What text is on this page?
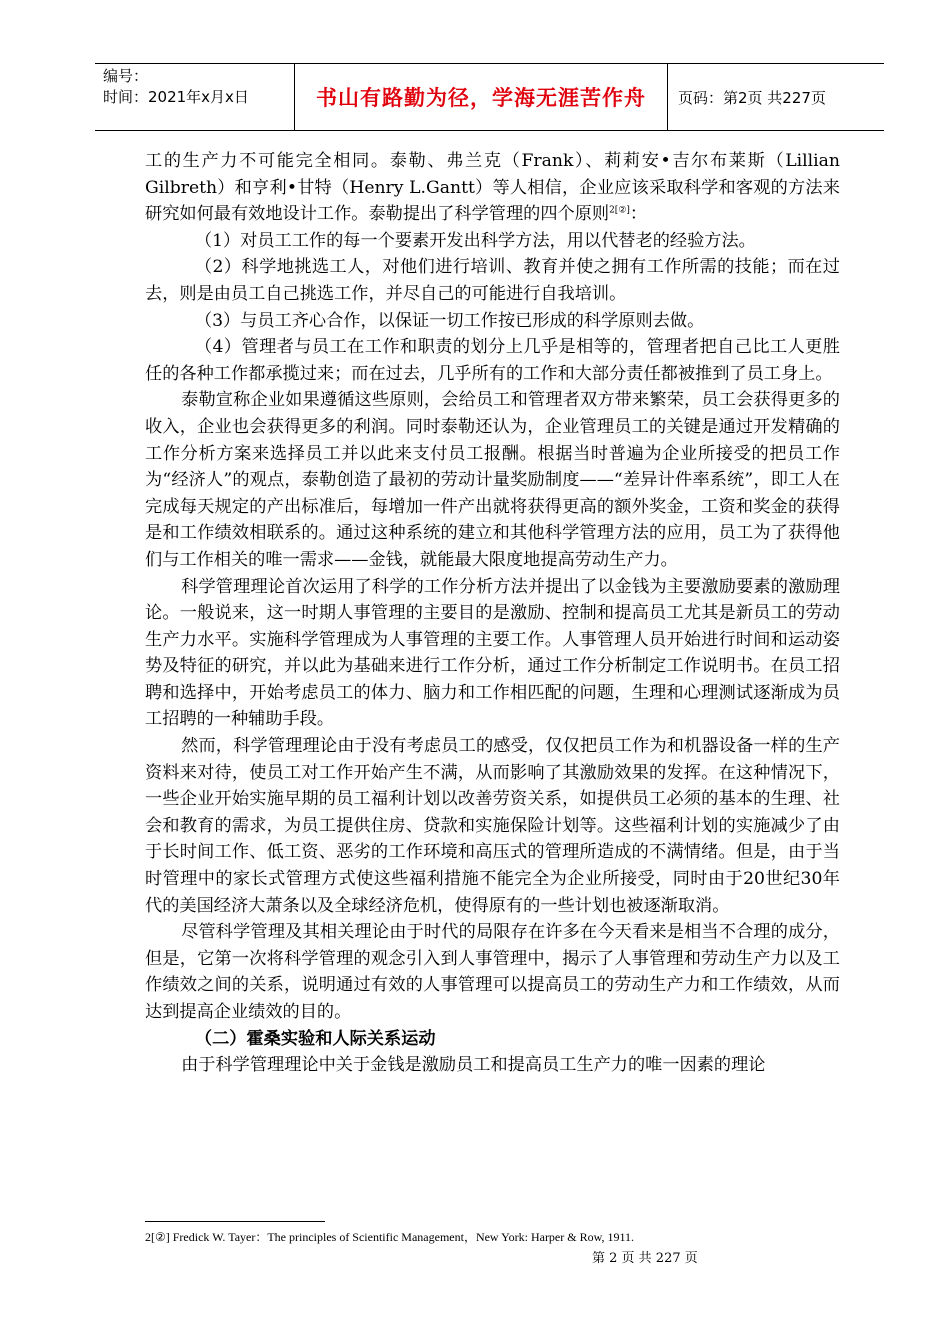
编号：
时间：2021年x月x日	书山有路勤为径，学海无涯苦作舟	页码：第2页 共227页

工的生产力不可能完全相同。泰勒、弗兰克（Frank）、莉莉安•吉尔布莱斯（Lillian Gilbreth）和亨利•甘特（Henry L.Gantt）等人相信，企业应该采取科学和客观的方法来研究如何最有效地设计工作。泰勒提出了科学管理的四个原则$^{2[②]}$：

（1）对员工工作的每一个要素开发出科学方法，用以代替老的经验方法。

（2）科学地挑选工人，对他们进行培训、教育并使之拥有工作所需的技能；而在过去，则是由员工自己挑选工作，并尽自己的可能进行自我培训。

（3）与员工齐心合作，以保证一切工作按已形成的科学原则去做。

（4）管理者与员工在工作和职责的划分上几乎是相等的，管理者把自己比工人更胜任的各种工作都承揽过来；而在过去，几乎所有的工作和大部分责任都被推到了员工身上。

泰勒宣称企业如果遵循这些原则，会给员工和管理者双方带来繁荣，员工会获得更多的收入，企业也会获得更多的利润。同时泰勒还认为，企业管理员工的关键是通过开发精确的工作分析方案来选择员工并以此来支付员工报酬。根据当时普遍为企业所接受的把员工作为“经济人”的观点，泰勒创造了最初的劳动计量奖励制度——“差异计件率系统”，即工人在完成每天规定的产出标准后，每增加一件产出就将获得更高的额外奖金，工资和奖金的获得是和工作绩效相联系的。通过这种系统的建立和其他科学管理方法的应用，员工为了获得他们与工作相关的唯一需求——金钱，就能最大限度地提高劳动生产力。

科学管理理论首次运用了科学的工作分析方法并提出了以金钱为主要激励要素的激励理论。一般说来，这一时期人事管理的主要目的是激励、控制和提高员工尤其是新员工的劳动生产力水平。实施科学管理成为人事管理的主要工作。人事管理人员开始进行时间和运动姿势及特征的研究，并以此为基础来进行工作分析，通过工作分析制定工作说明书。在员工招聘和选择中，开始考虑员工的体力、脑力和工作相匹配的问题，生理和心理测试逐渐成为员工招聘的一种辅助手段。

然而，科学管理理论由于没有考虑员工的感受，仅仅把员工作为和机器设备一样的生产资料来对待，使员工对工作开始产生不满，从而影响了其激励效果的发挥。在这种情况下，一些企业开始实施早期的员工福利计划以改善劳资关系，如提供员工必须的基本的生理、社会和教育的需求，为员工提供住房、贷款和实施保险计划等。这些福利计划的实施减少了由于长时间工作、低工资、恶劣的工作环境和高压式的管理所造成的不满情绪。但是，由于当时管理中的家长式管理方式使这些福利措施不能完全为企业所接受，同时由于20世纪30年代的美国经济大萧条以及全球经济危机，使得原有的一些计划也被逐渐取消。

尽管科学管理及其相关理论由于时代的局限存在许多在今天看来是相当不合理的成分，但是，它第一次将科学管理的观念引入到人事管理中，揭示了人事管理和劳动生产力以及工作绩效之间的关系，说明通过有效的人事管理可以提高员工的劳动生产力和工作绩效，从而达到提高企业绩效的目的。

（二）霍桑实验和人际关系运动

由于科学管理理论中关于金钱是激励员工和提高员工生产力的唯一因素的理论

2[②] Fredick W. Tayer：The principles of Scientific Management，New York: Harper & Row, 1911.
第 2 页 共 227 页
